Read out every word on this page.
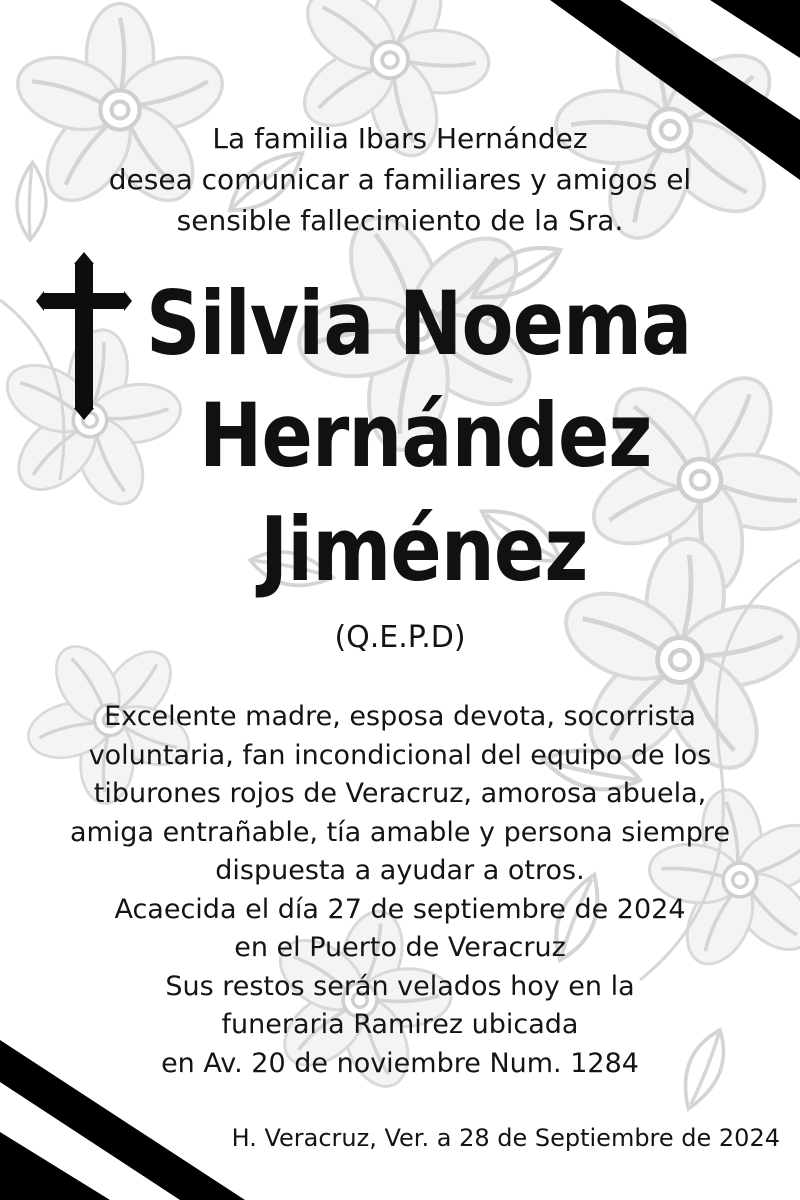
La familia Ibars Hernández
desea comunicar a familiares y amigos el
sensible fallecimiento de la Sra.
Silvia Noema
Hernández
Jiménez
(Q.E.P.D)
Excelente madre, esposa devota, socorrista
voluntaria, fan incondicional del equipo de los
tiburones rojos de Veracruz, amorosa abuela,
amiga entrañable, tía amable y persona siempre
dispuesta a ayudar a otros.
Acaecida el día 27 de septiembre de 2024
en el Puerto de Veracruz
Sus restos serán velados hoy en la
funeraria Ramirez ubicada
en Av. 20 de noviembre Num. 1284
H. Veracruz, Ver. a 28 de Septiembre de 2024
